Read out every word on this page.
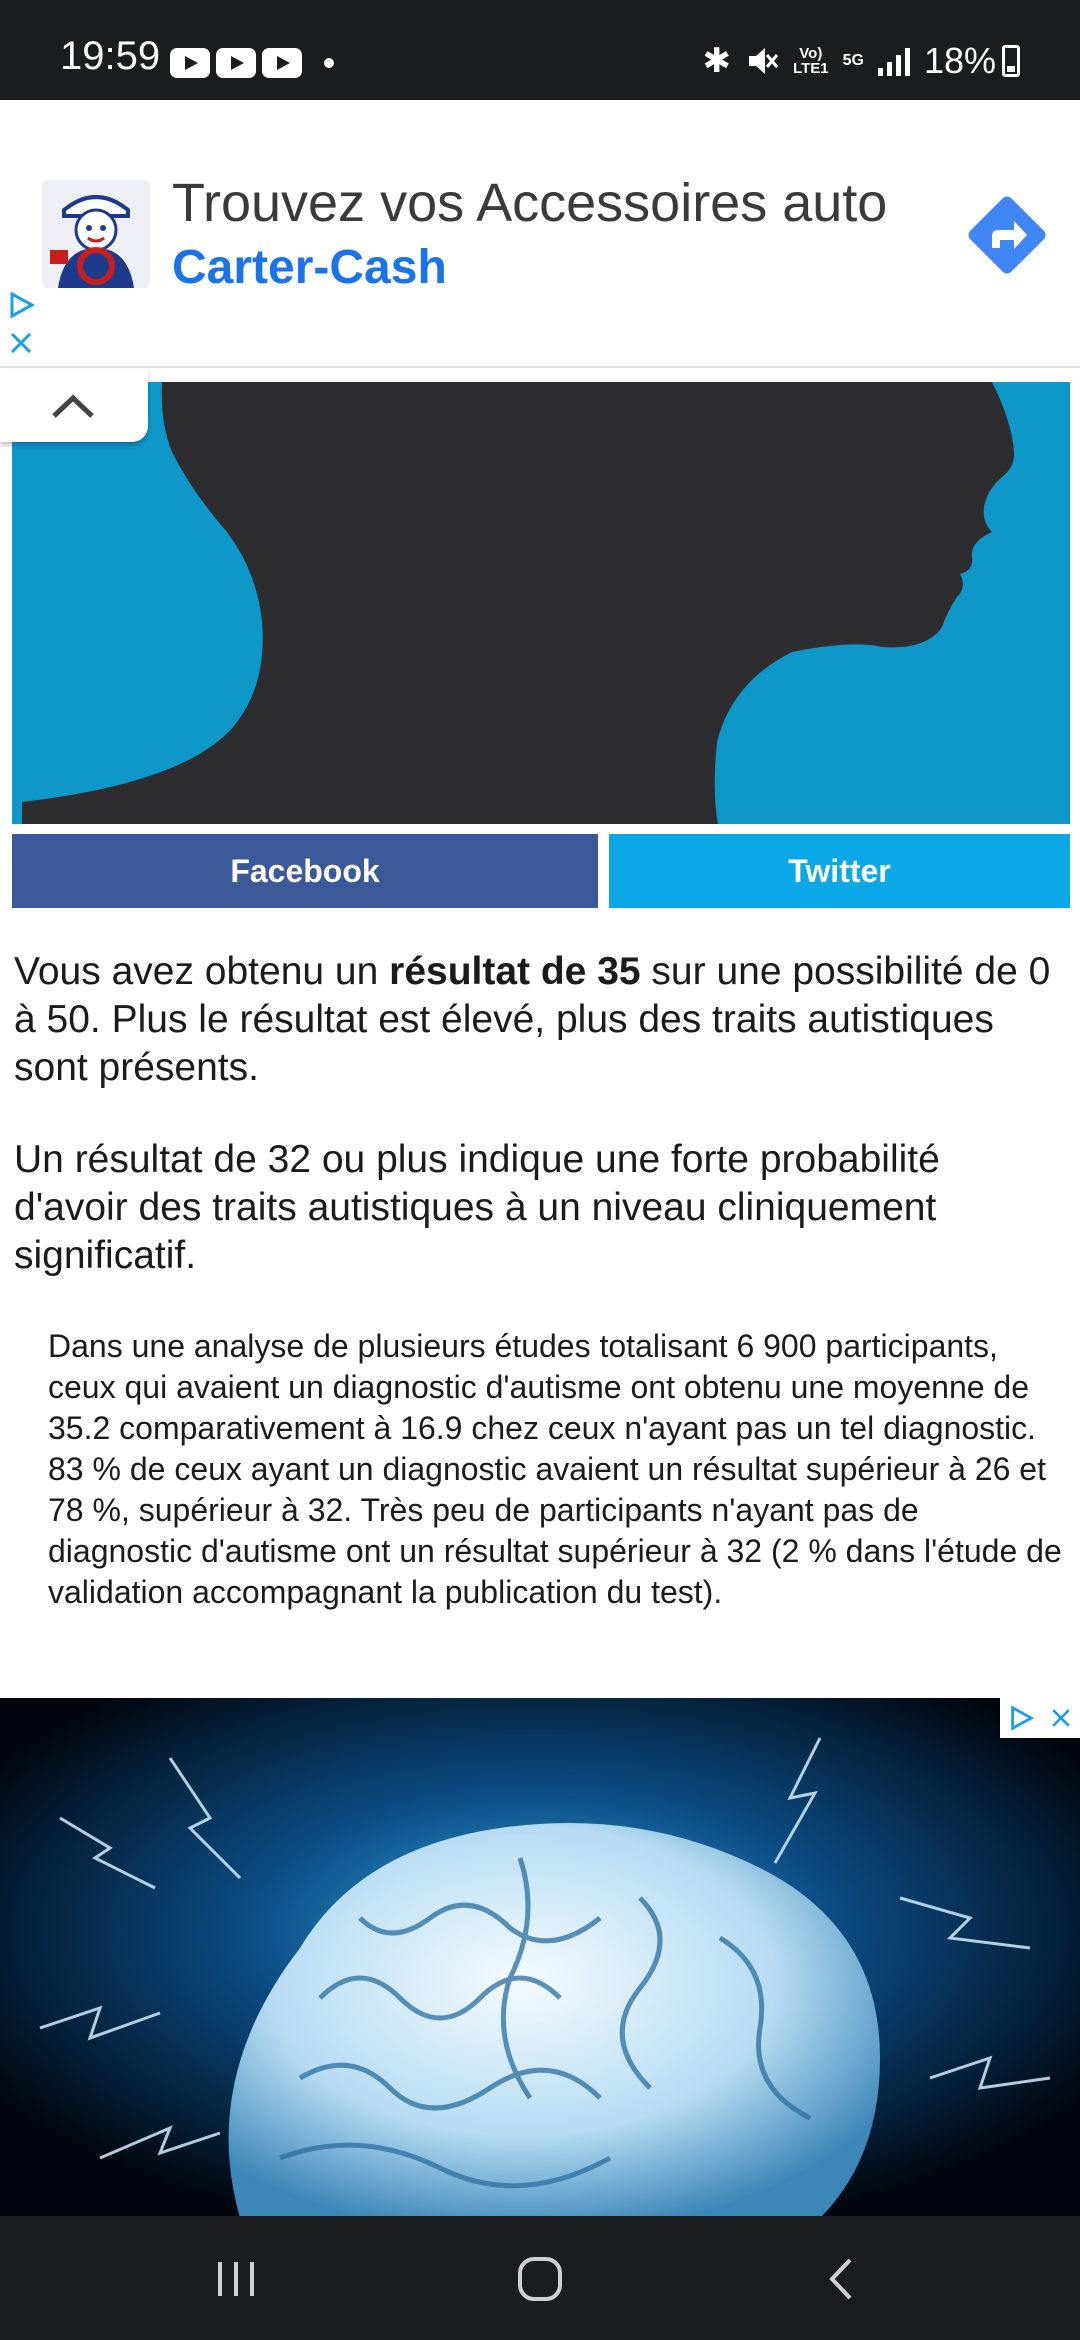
19:59	✱	Vo)
LTE1 5G 18%
Trouvez vos Accessoires auto
Carter-Cash
Facebook	Twitter

Vous avez obtenu un résultat de 35 sur une possibilité de 0 à 50. Plus le résultat est élevé, plus des traits autistiques sont présents.

Un résultat de 32 ou plus indique une forte probabilité d'avoir des traits autistiques à un niveau cliniquement significatif.

Dans une analyse de plusieurs études totalisant 6 900 participants, ceux qui avaient un diagnostic d'autisme ont obtenu une moyenne de 35.2 comparativement à 16.9 chez ceux n'ayant pas un tel diagnostic. 83 % de ceux ayant un diagnostic avaient un résultat supérieur à 26 et 78 %, supérieur à 32. Très peu de participants n'ayant pas de diagnostic d'autisme ont un résultat supérieur à 32 (2 % dans l'étude de validation accompagnant la publication du test).
